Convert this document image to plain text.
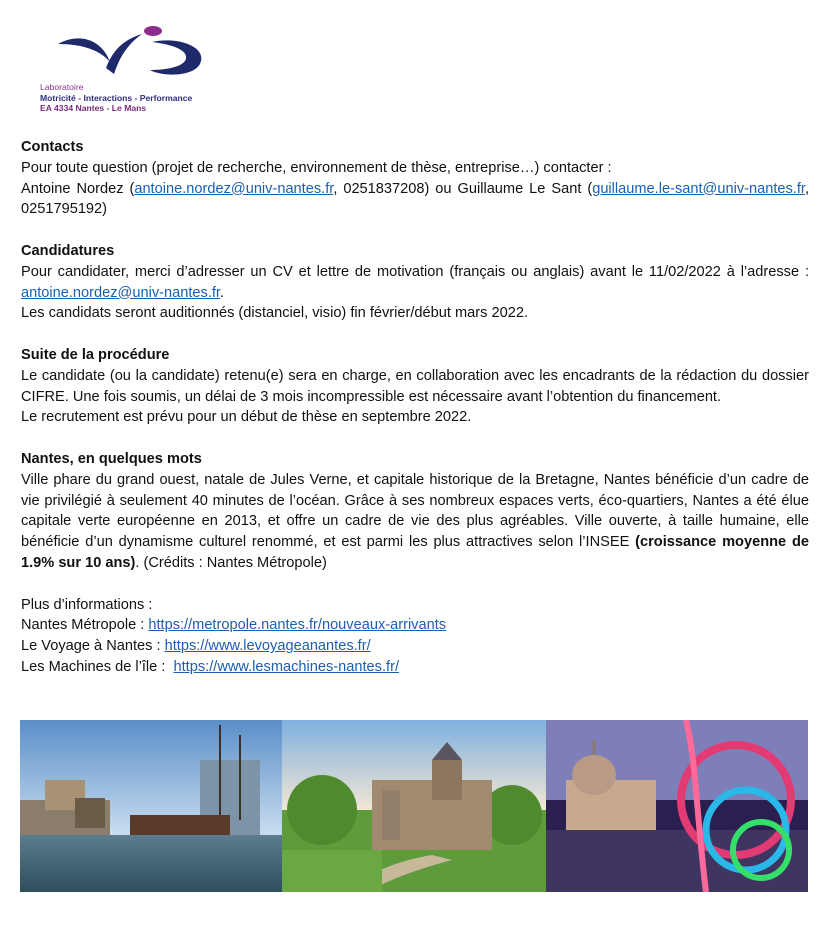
Laboratoire
Motricité - Interactions - Performance
EA 4334 Nantes - Le Mans
Contacts

Pour toute question (projet de recherche, environnement de thèse, entreprise…) contacter :

Antoine Nordez (antoine.nordez@univ-nantes.fr, 0251837208) ou Guillaume Le Sant (guillaume.le-sant@univ-nantes.fr, 0251795192)

Candidatures

Pour candidater, merci d’adresser un CV et lettre de motivation (français ou anglais) avant le 11/02/2022 à l’adresse : antoine.nordez@univ-nantes.fr.

Les candidats seront auditionnés (distanciel, visio) fin février/début mars 2022.

Suite de la procédure

Le candidate (ou la candidate) retenu(e) sera en charge, en collaboration avec les encadrants de la rédaction du dossier CIFRE. Une fois soumis, un délai de 3 mois incompressible est nécessaire avant l’obtention du financement.

Le recrutement est prévu pour un début de thèse en septembre 2022.

Nantes, en quelques mots

Ville phare du grand ouest, natale de Jules Verne, et capitale historique de la Bretagne, Nantes bénéficie d’un cadre de vie privilégié à seulement 40 minutes de l’océan. Grâce à ses nombreux espaces verts, éco-quartiers, Nantes a été élue capitale verte européenne en 2013, et offre un cadre de vie des plus agréables. Ville ouverte, à taille humaine, elle bénéficie d’un dynamisme culturel renommé, et est parmi les plus attractives selon l’INSEE (croissance moyenne de 1.9% sur 10 ans). (Crédits : Nantes Métropole)

Plus d’informations :

Nantes Métropole : https://metropole.nantes.fr/nouveaux-arrivants

Le Voyage à Nantes : https://www.levoyageanantes.fr/

Les Machines de l’île :  https://www.lesmachines-nantes.fr/
